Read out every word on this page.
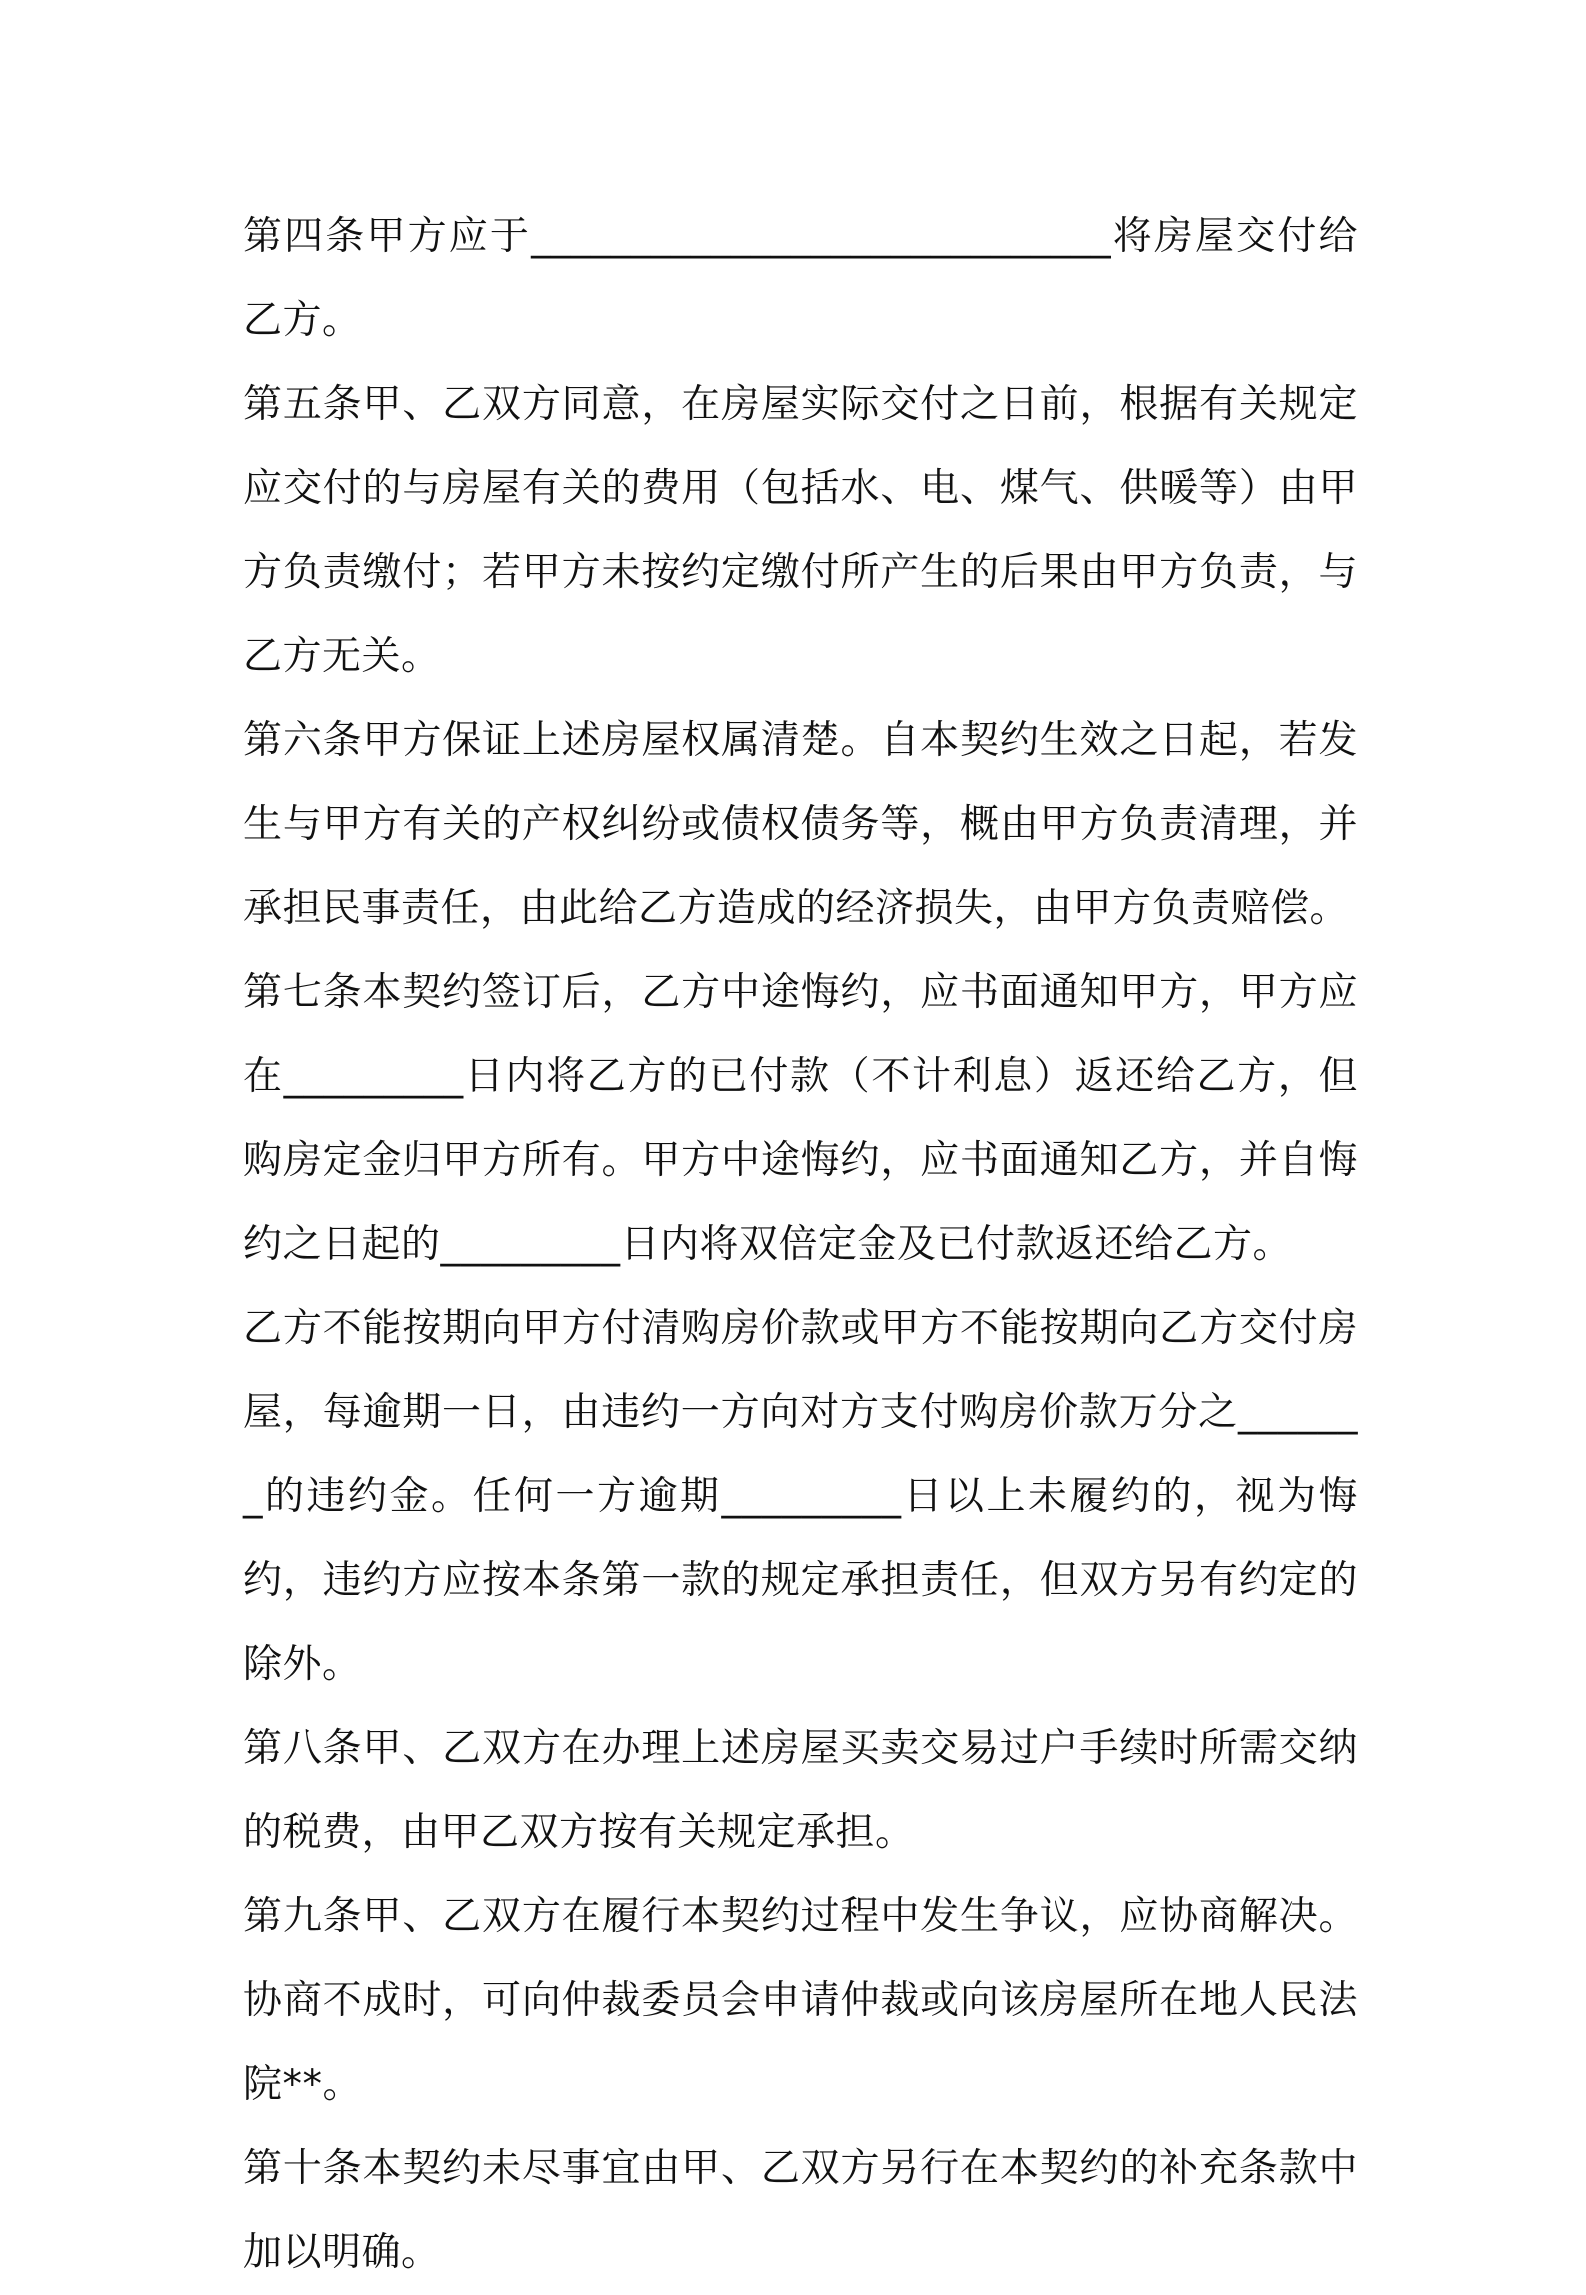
第四条甲方应于_____________________________将房屋交付给乙方。

第五条甲、乙双方同意，在房屋实际交付之日前，根据有关规定应交付的与房屋有关的费用（包括水、电、煤气、供暖等）由甲方负责缴付；若甲方未按约定缴付所产生的后果由甲方负责，与乙方无关。

第六条甲方保证上述房屋权属清楚。自本契约生效之日起，若发生与甲方有关的产权纠纷或债权债务等，概由甲方负责清理，并承担民事责任，由此给乙方造成的经济损失，由甲方负责赔偿。

第七条本契约签订后，乙方中途悔约，应书面通知甲方，甲方应在_________日内将乙方的已付款（不计利息）返还给乙方，但购房定金归甲方所有。甲方中途悔约，应书面通知乙方，并自悔约之日起的_________日内将双倍定金及已付款返还给乙方。

乙方不能按期向甲方付清购房价款或甲方不能按期向乙方交付房屋，每逾期一日，由违约一方向对方支付购房价款万分之_______的违约金。任何一方逾期_________日以上未履约的，视为悔约，违约方应按本条第一款的规定承担责任，但双方另有约定的除外。

第八条甲、乙双方在办理上述房屋买卖交易过户手续时所需交纳的税费，由甲乙双方按有关规定承担。

第九条甲、乙双方在履行本契约过程中发生争议，应协商解决。协商不成时，可向仲裁委员会申请仲裁或向该房屋所在地人民法院**。

第十条本契约未尽事宜由甲、乙双方另行在本契约的补充条款中加以明确。
